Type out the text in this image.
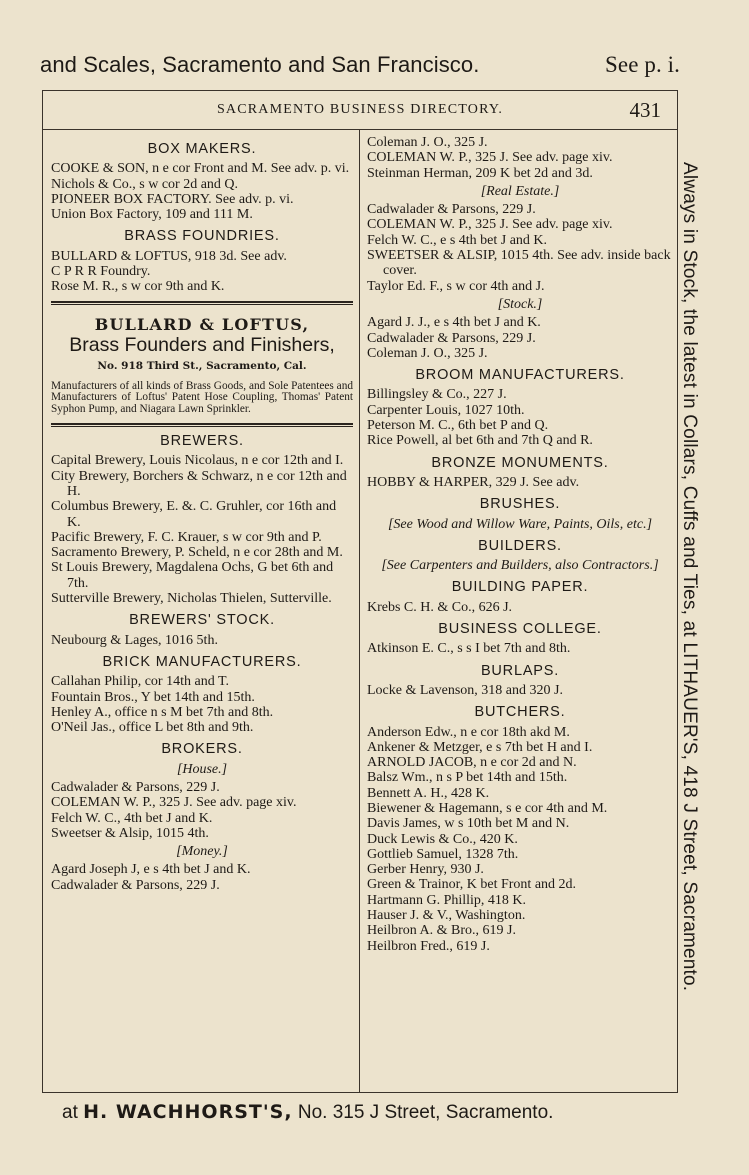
and Scales, Sacramento and San Francisco.	See p. i.
SACRAMENTO BUSINESS DIRECTORY.	431
BOX MAKERS.
COOKE & SON, n e cor Front and M. See adv. p. vi.
Nichols & Co., s w cor 2d and Q.
PIONEER BOX FACTORY. See adv. p. vi.
Union Box Factory, 109 and 111 M.
BRASS FOUNDRIES.
BULLARD & LOFTUS, 918 3d. See adv.
C P R R Foundry.
Rose M. R., s w cor 9th and K.
BULLARD & LOFTUS,
Brass Founders and Finishers,
No. 918 Third St., Sacramento, Cal.
Manufacturers of all kinds of Brass Goods, and Sole Patentees and Manufacturers of Loftus' Patent Hose Coupling, Thomas' Patent Syphon Pump, and Niagara Lawn Sprinkler.
BREWERS.
Capital Brewery, Louis Nicolaus, n e cor 12th and I.
City Brewery, Borchers & Schwarz, n e cor 12th and H.
Columbus Brewery, E. &. C. Gruhler, cor 16th and K.
Pacific Brewery, F. C. Krauer, s w cor 9th and P.
Sacramento Brewery, P. Scheld, n e cor 28th and M.
St Louis Brewery, Magdalena Ochs, G bet 6th and 7th.
Sutterville Brewery, Nicholas Thielen, Sutterville.
BREWERS' STOCK.
Neubourg & Lages, 1016 5th.
BRICK MANUFACTURERS.
Callahan Philip, cor 14th and T.
Fountain Bros., Y bet 14th and 15th.
Henley A., office n s M bet 7th and 8th.
O'Neil Jas., office L bet 8th and 9th.
BROKERS.
[House.]
Cadwalader & Parsons, 229 J.
COLEMAN W. P., 325 J. See adv. page xiv.
Felch W. C., 4th bet J and K.
Sweetser & Alsip, 1015 4th.
[Money.]
Agard Joseph J, e s 4th bet J and K.
Cadwalader & Parsons, 229 J.
Coleman J. O., 325 J.
COLEMAN W. P., 325 J. See adv. page xiv.
Steinman Herman, 209 K bet 2d and 3d.
[Real Estate.]
Cadwalader & Parsons, 229 J.
COLEMAN W. P., 325 J. See adv. page xiv.
Felch W. C., e s 4th bet J and K.
SWEETSER & ALSIP, 1015 4th. See adv. inside back cover.
Taylor Ed. F., s w cor 4th and J.
[Stock.]
Agard J. J., e s 4th bet J and K.
Cadwalader & Parsons, 229 J.
Coleman J. O., 325 J.
BROOM MANUFACTURERS.
Billingsley & Co., 227 J.
Carpenter Louis, 1027 10th.
Peterson M. C., 6th bet P and Q.
Rice Powell, al bet 6th and 7th Q and R.
BRONZE MONUMENTS.
HOBBY & HARPER, 329 J. See adv.
BRUSHES.
[See Wood and Willow Ware, Paints, Oils, etc.]
BUILDERS.
[See Carpenters and Builders, also Contractors.]
BUILDING PAPER.
Krebs C. H. & Co., 626 J.
BUSINESS COLLEGE.
Atkinson E. C., s s I bet 7th and 8th.
BURLAPS.
Locke & Lavenson, 318 and 320 J.
BUTCHERS.
Anderson Edw., n e cor 18th akd M.
Ankener & Metzger, e s 7th bet H and I.
ARNOLD JACOB, n e cor 2d and N.
Balsz Wm., n s P bet 14th and 15th.
Bennett A. H., 428 K.
Biewener & Hagemann, s e cor 4th and M.
Davis James, w s 10th bet M and N.
Duck Lewis & Co., 420 K.
Gottlieb Samuel, 1328 7th.
Gerber Henry, 930 J.
Green & Trainor, K bet Front and 2d.
Hartmann G. Phillip, 418 K.
Hauser J. & V., Washington.
Heilbron A. & Bro., 619 J.
Heilbron Fred., 619 J.	Always in Stock, the latest in Collars, Cuffs and Ties, at LITHAUER'S, 418 J Street, Sacramento.
at H. WACHHORST'S, No. 315 J Street, Sacramento.
